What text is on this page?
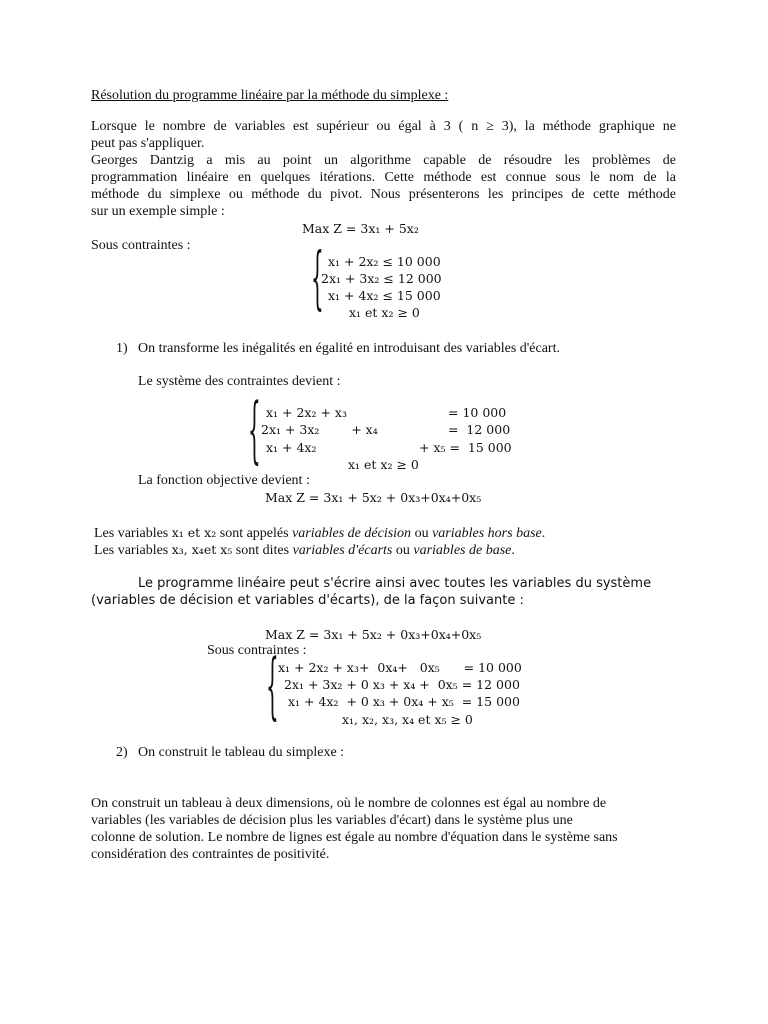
Résolution du programme linéaire par la méthode du simplexe :
Lorsque le nombre de variables est supérieur ou égal à 3 ( n ≥ 3), la méthode graphique ne
peut pas s'appliquer.
Georges Dantzig a mis au point un algorithme capable de résoudre les problèmes de
programmation linéaire en quelques itérations. Cette méthode est connue sous le nom de la
méthode du simplexe ou méthode du pivot. Nous présenterons les principes de cette méthode
sur un exemple simple :
Max Z = 3x₁ + 5x₂
Sous contraintes :	{ x₁ + 2x₂ ≤ 10 000
2x₁ + 3x₂ ≤ 12 000
x₁ + 4x₂ ≤ 15 000
x₁ et x₂ ≥ 0
1) On transforme les inégalités en égalité en introduisant des variables d'écart.
Le système des contraintes devient :
{ x₁ + 2x₂ + x₃	= 10 000
2x₁ + 3x₂        + x₄	=  12 000
x₁ + 4x₂	+ x₅ =  15 000
x₁ et x₂ ≥ 0
La fonction objective devient :
Max Z = 3x₁ + 5x₂ + 0x₃+0x₄+0x₅
Les variables x₁ et x₂ sont appelés variables de décision ou variables hors base.
Les variables x₃, x₄et x₅ sont dites variables d'écarts ou variables de base.
Le programme linéaire peut s'écrire ainsi avec toutes les variables du système
(variables de décision et variables d'écarts), de la façon suivante :
Max Z = 3x₁ + 5x₂ + 0x₃+0x₄+0x₅
Sous contraintes :
{ x₁ + 2x₂ + x₃+  0x₄+   0x₅      = 10 000
2x₁ + 3x₂ + 0 x₃ + x₄ +  0x₅ = 12 000
x₁ + 4x₂  + 0 x₃ + 0x₄ + x₅  = 15 000
x₁, x₂, x₃, x₄ et x₅ ≥ 0
2) On construit le tableau du simplexe :
On construit un tableau à deux dimensions, où le nombre de colonnes est égal au nombre de
variables (les variables de décision plus les variables d'écart) dans le système plus une
colonne de solution. Le nombre de lignes est égale au nombre d'équation dans le système sans
considération des contraintes de positivité.
